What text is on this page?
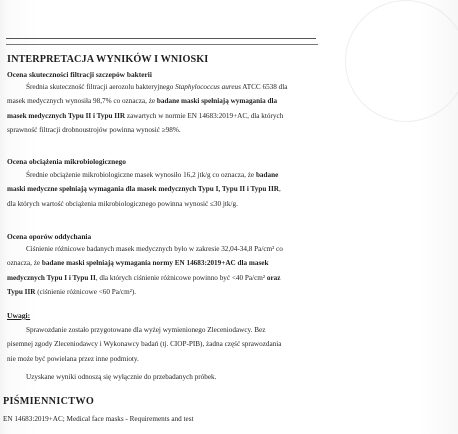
INTERPRETACJA WYNIKÓW I WNIOSKI
Ocena skuteczności filtracji szczepów bakterii
Średnia skuteczność filtracji aerozolu bakteryjnego Staphylococcus aureus ATCC 6538 dla
masek medycznych wynosiła 98,7% co oznacza, że badane maski spełniają wymagania dla
masek medycznych Typu II i Typu IIR zawartych w normie EN 14683:2019+AC, dla których
sprawność filtracji drobnoustrojów powinna wynosić ≥98%.
Ocena obciążenia mikrobiologicznego
Średnie obciążenie mikrobiologiczne masek wynosiło 16,2 jtk/g co oznacza, że badane
maski medyczne spełniają wymagania dla masek medycznych Typu I, Typu II i Typu IIR,
dla których wartość obciążenia mikrobiologicznego powinna wynosić ≤30 jtk/g.
Ocena oporów oddychania
Ciśnienie różnicowe badanych masek medycznych było w zakresie 32,04-34,8 Pa/cm² co
oznacza, że badane maski spełniają wymagania normy EN 14683:2019+AC dla masek
medycznych Typu I i Typu II, dla których ciśnienie różnicowe powinno być <40 Pa/cm² oraz
Typu IIR (ciśnienie różnicowe <60 Pa/cm²).
Uwagi:
Sprawozdanie zostało przygotowane dla wyżej wymienionego Zleceniodawcy. Bez
pisemnej zgody Zleceniodawcy i Wykonawcy badań (tj. CIOP-PIB), żadna część sprawozdania
nie może być powielana przez inne podmioty.
Uzyskane wyniki odnoszą się wyłącznie do przebadanych próbek.
PIŚMIENNICTWO
EN 14683:2019+AC; Medical face masks - Requirements and test
